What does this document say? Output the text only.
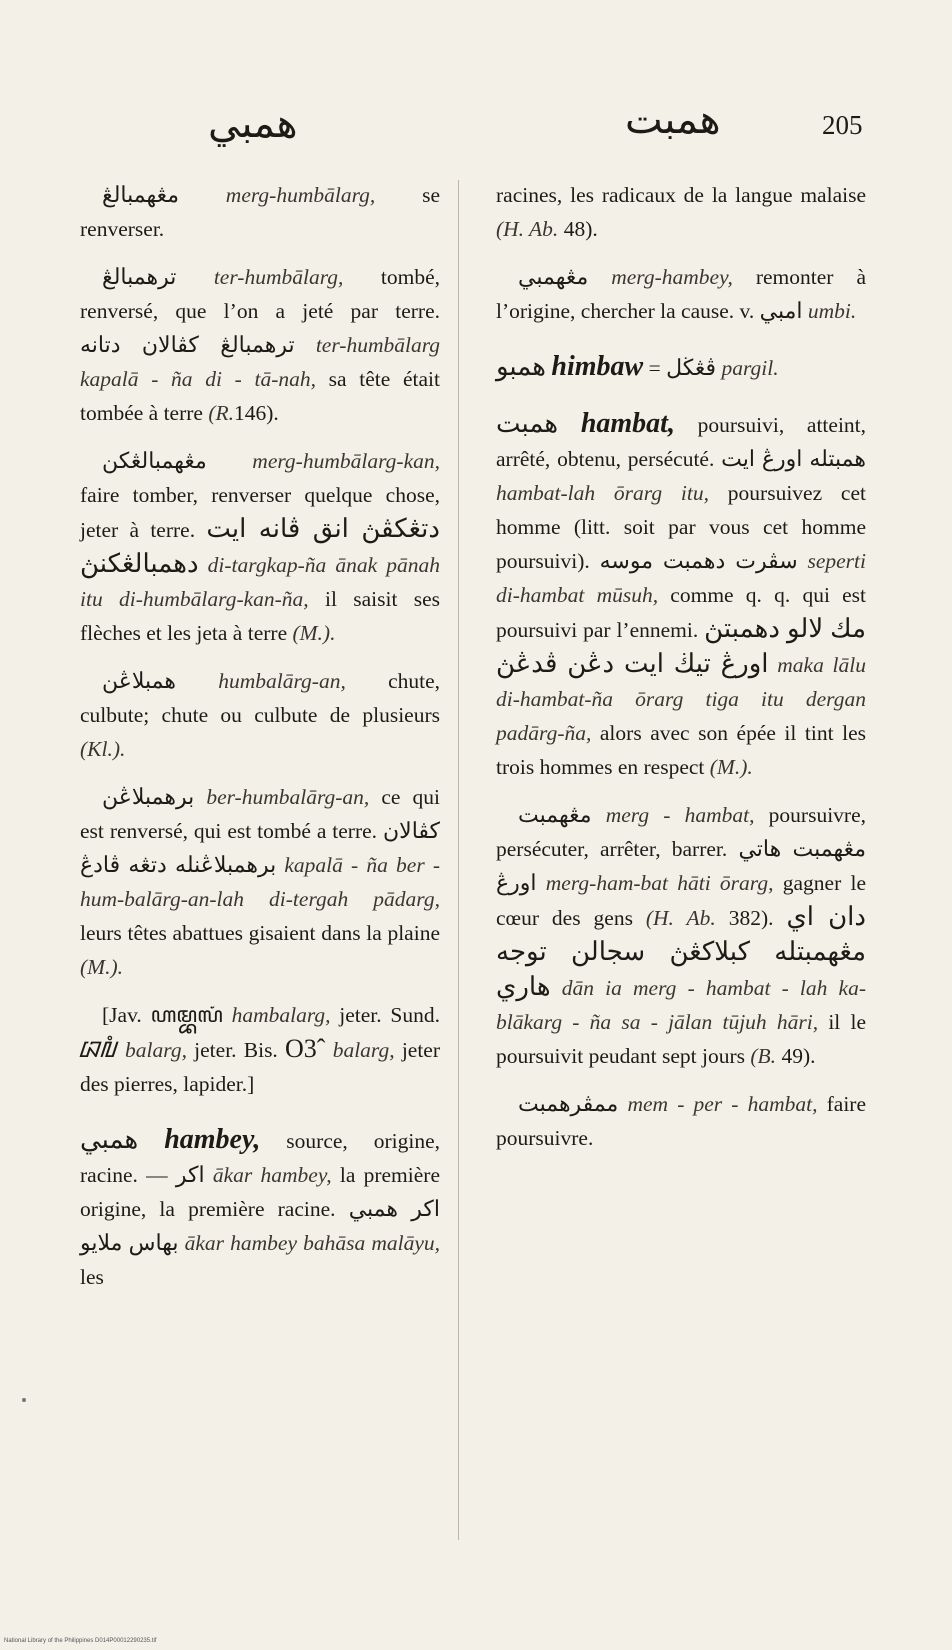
همبي	همبت	205

مڠهمبالڠ merg-humbālarg, se renverser.

ترهمبالڠ ter-humbālarg, tombé, renversé, que l’on a jeté par terre. ترهمبالڠ كڤالان دتانه ter-humbālarg kapalā - ña di - tā-nah, sa tête était tombée à terre (R.146).

مڠهمبالڠكن merg-humbālarg-kan, faire tomber, renverser quelque chose, jeter à terre. دتڠكڤڽ انق ڤانه ايت دهمبالڠكنڽ di-targkap-ña ānak pānah itu di-humbālarg-kan-ña, il saisit ses flèches et les jeta à terre (M.).

همبلاڠن humbalārg-an, chute, culbute; chute ou culbute de plusieurs (Kl.).

برهمبلاڠن ber-humbalārg-an, ce qui est renversé, qui est tombé a terre. كڤالان برهمبلاڠنله دتڠه ڤادڠ kapalā - ña ber - hum-balārg-an-lah di-tergah pādarg, leurs têtes abattues gisaient dans la plaine (M.).

[Jav. ꦲꦩ꧀ꦧꦭꦁ hambalarg, jeter. Sund. ᮘᮜᮀ balarg, jeter. Bis. O3ˆ balarg, jeter des pierres, lapider.]

همبي hambey, source, origine, racine. — اكر ākar hambey, la première origine, la première racine. اكر همبي بهاس ملايو ākar hambey bahāsa malāyu, les

racines, les radicaux de la langue malaise (H. Ab. 48).

مڠهمبي merg-hambey, remonter à l’origine, chercher la cause. v. امبي umbi.

همبو himbaw = ڤڠڬل pargil.

همبت hambat, poursuivi, atteint, arrêté, obtenu, persécuté. همبتله اورڠ ايت hambat-lah ōrarg itu, poursuivez cet homme (litt. soit par vous cet homme poursuivi). سڤرت دهمبت موسه seperti di-hambat mūsuh, comme q. q. qui est poursuivi par l’ennemi. مك لالو دهمبتڽ اورڠ تيڬ ايت دڠن ڤدڠڽ maka lālu di-hambat-ña ōrarg tiga itu dergan padārg-ña, alors avec son épée il tint les trois hommes en respect (M.).

مڠهمبت merg - hambat, poursuivre, persécuter, arrêter, barrer. مڠهمبت هاتي اورڠ merg-ham-bat hāti ōrarg, gagner le cœur des gens (H. Ab. 382). دان اي مڠهمبتله كبلاكڠڽ سجالن توجه هاري dān ia merg - hambat - lah ka-blākarg - ña sa - jālan tūjuh hāri, il le poursuivit peudant sept jours (B. 49).

ممڤرهمبت mem - per - hambat, faire poursuivre.

National Library of the Philippines D014P00012290235.tif
